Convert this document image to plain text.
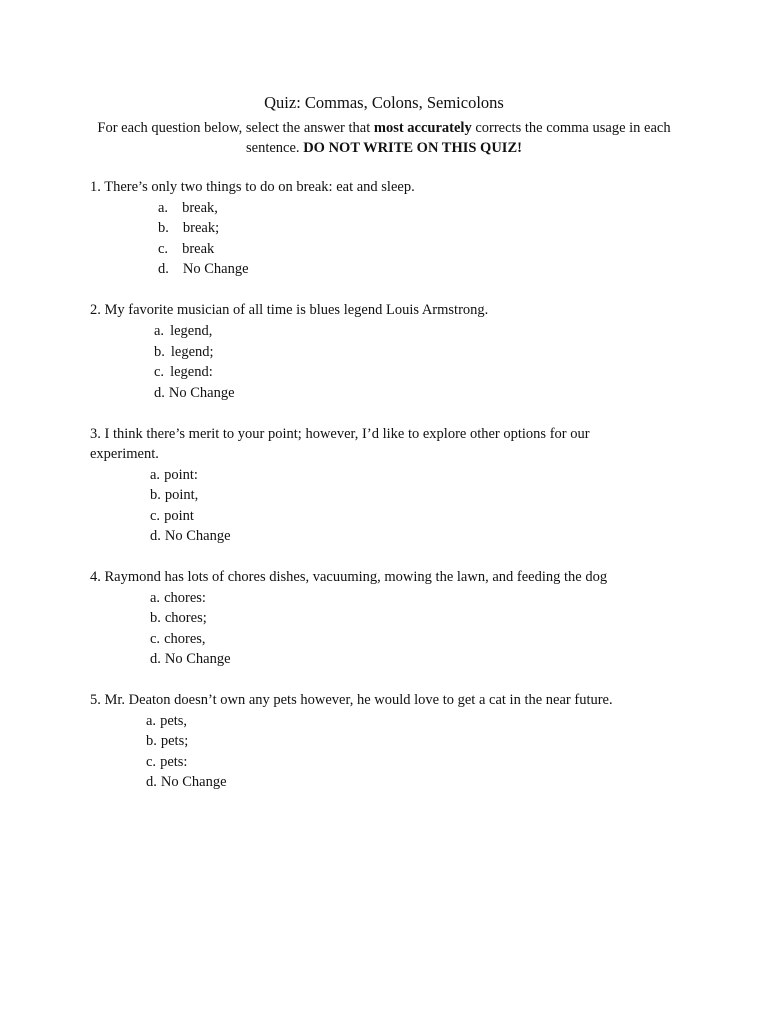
Quiz: Commas, Colons, Semicolons

For each question below, select the answer that most accurately corrects the comma usage in each sentence. DO NOT WRITE ON THIS QUIZ!

1. There’s only two things to do on break: eat and sleep.

a. break,
b. break;
c. break
d. No Change

2. My favorite musician of all time is blues legend Louis Armstrong.

a. legend,
b. legend;
c. legend:
d. No Change

3. I think there’s merit to your point; however, I’d like to explore other options for our

experiment.

a. point:
b. point,
c. point
d. No Change

4. Raymond has lots of chores dishes, vacuuming, mowing the lawn, and feeding the dog

a. chores:
b. chores;
c. chores,
d. No Change

5. Mr. Deaton doesn’t own any pets however, he would love to get a cat in the near future.

a. pets,
b. pets;
c. pets:
d. No Change
